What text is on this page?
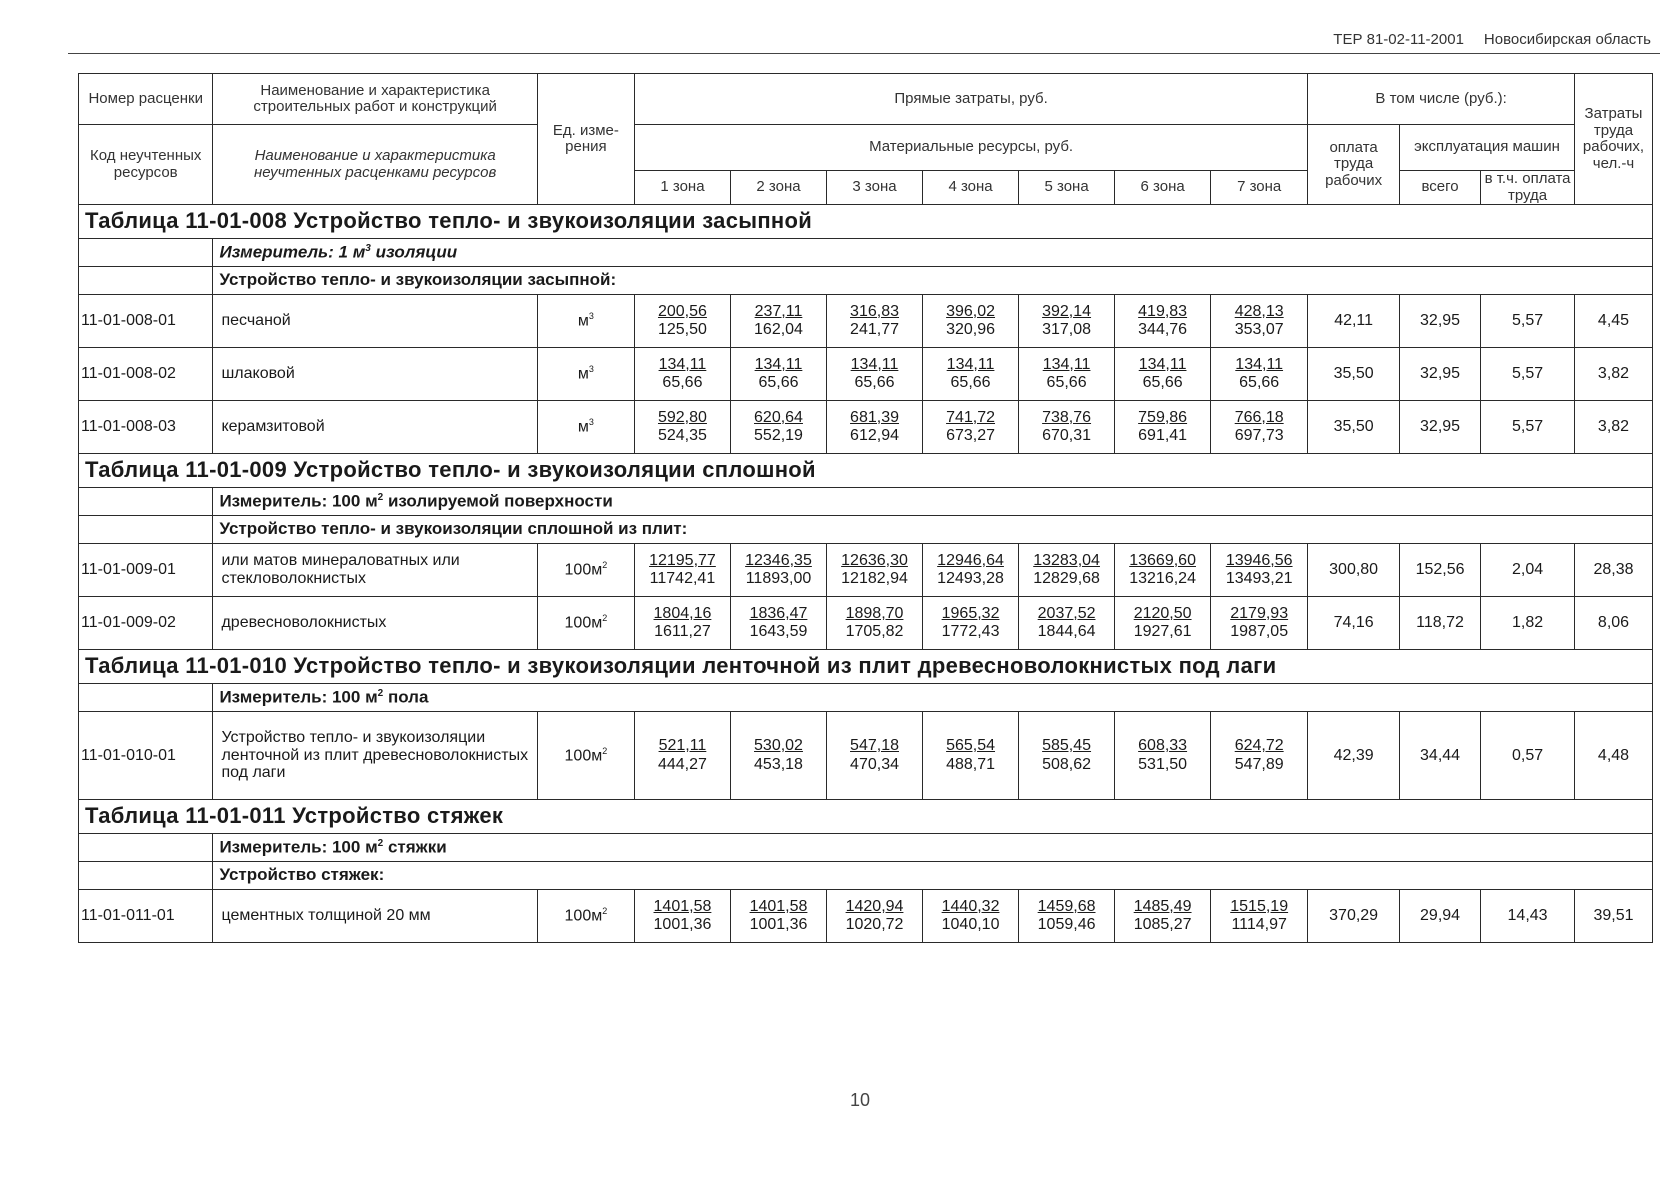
ТЕР 81-02-11-2001 Новосибирская область
Номер расценки	Наименование и характеристика строительных работ и конструкций	Ед. изме-рения	Прямые затраты, руб.							В том числе (руб.):			Затраты труда рабочих, чел.-ч
Код неучтенных ресурсов	Наименование и характеристика неучтенных расценками ресурсов		Материальные ресурсы, руб.							оплата труда рабочих	эксплуатация машин		
			1 зона	2 зона	3 зона	4 зона	5 зона	6 зона	7 зона		всего	в т.ч. оплата труда	
Таблица 11-01-008 Устройство тепло- и звукоизоляции засыпной													
	Измеритель: 1 $м^3$ изоляции												
	Устройство тепло- и звукоизоляции засыпной:												
11-01-008-01	песчаной	$м^3$	$\frac{200,56}{125,50}$	$\frac{237,11}{162,04}$	$\frac{316,83}{241,77}$	$\frac{396,02}{320,96}$	$\frac{392,14}{317,08}$	$\frac{419,83}{344,76}$	$\frac{428,13}{353,07}$	42,11	32,95	5,57	4,45
11-01-008-02	шлаковой	$м^3$	$\frac{134,11}{65,66}$	$\frac{134,11}{65,66}$	$\frac{134,11}{65,66}$	$\frac{134,11}{65,66}$	$\frac{134,11}{65,66}$	$\frac{134,11}{65,66}$	$\frac{134,11}{65,66}$	35,50	32,95	5,57	3,82
11-01-008-03	керамзитовой	$м^3$	$\frac{592,80}{524,35}$	$\frac{620,64}{552,19}$	$\frac{681,39}{612,94}$	$\frac{741,72}{673,27}$	$\frac{738,76}{670,31}$	$\frac{759,86}{691,41}$	$\frac{766,18}{697,73}$	35,50	32,95	5,57	3,82
Таблица 11-01-009 Устройство тепло- и звукоизоляции сплошной													
	Измеритель: 100 $м^2$ изолируемой поверхности												
	Устройство тепло- и звукоизоляции сплошной из плит:												
11-01-009-01	или матов минераловатных или стекловолокнистых	$100м^2$	$\frac{12195,77}{11742,41}$	$\frac{12346,35}{11893,00}$	$\frac{12636,30}{12182,94}$	$\frac{12946,64}{12493,28}$	$\frac{13283,04}{12829,68}$	$\frac{13669,60}{13216,24}$	$\frac{13946,56}{13493,21}$	300,80	152,56	2,04	28,38
11-01-009-02	древесноволокнистых	$100м^2$	$\frac{1804,16}{1611,27}$	$\frac{1836,47}{1643,59}$	$\frac{1898,70}{1705,82}$	$\frac{1965,32}{1772,43}$	$\frac{2037,52}{1844,64}$	$\frac{2120,50}{1927,61}$	$\frac{2179,93}{1987,05}$	74,16	118,72	1,82	8,06
Таблица 11-01-010 Устройство тепло- и звукоизоляции ленточной из плит древесноволокнистых под лаги													
	Измеритель: 100 $м^2$ пола												
11-01-010-01	Устройство тепло- и звукоизоляции ленточной из плит древесноволокнистых под лаги	$100м^2$	$\frac{521,11}{444,27}$	$\frac{530,02}{453,18}$	$\frac{547,18}{470,34}$	$\frac{565,54}{488,71}$	$\frac{585,45}{508,62}$	$\frac{608,33}{531,50}$	$\frac{624,72}{547,89}$	42,39	34,44	0,57	4,48
Таблица 11-01-011 Устройство стяжек													
	Измеритель: 100 $м^2$ стяжки												
	Устройство стяжек:												
11-01-011-01	цементных толщиной 20 мм	$100м^2$	$\frac{1401,58}{1001,36}$	$\frac{1401,58}{1001,36}$	$\frac{1420,94}{1020,72}$	$\frac{1440,32}{1040,10}$	$\frac{1459,68}{1059,46}$	$\frac{1485,49}{1085,27}$	$\frac{1515,19}{1114,97}$	370,29	29,94	14,43	39,51
10
